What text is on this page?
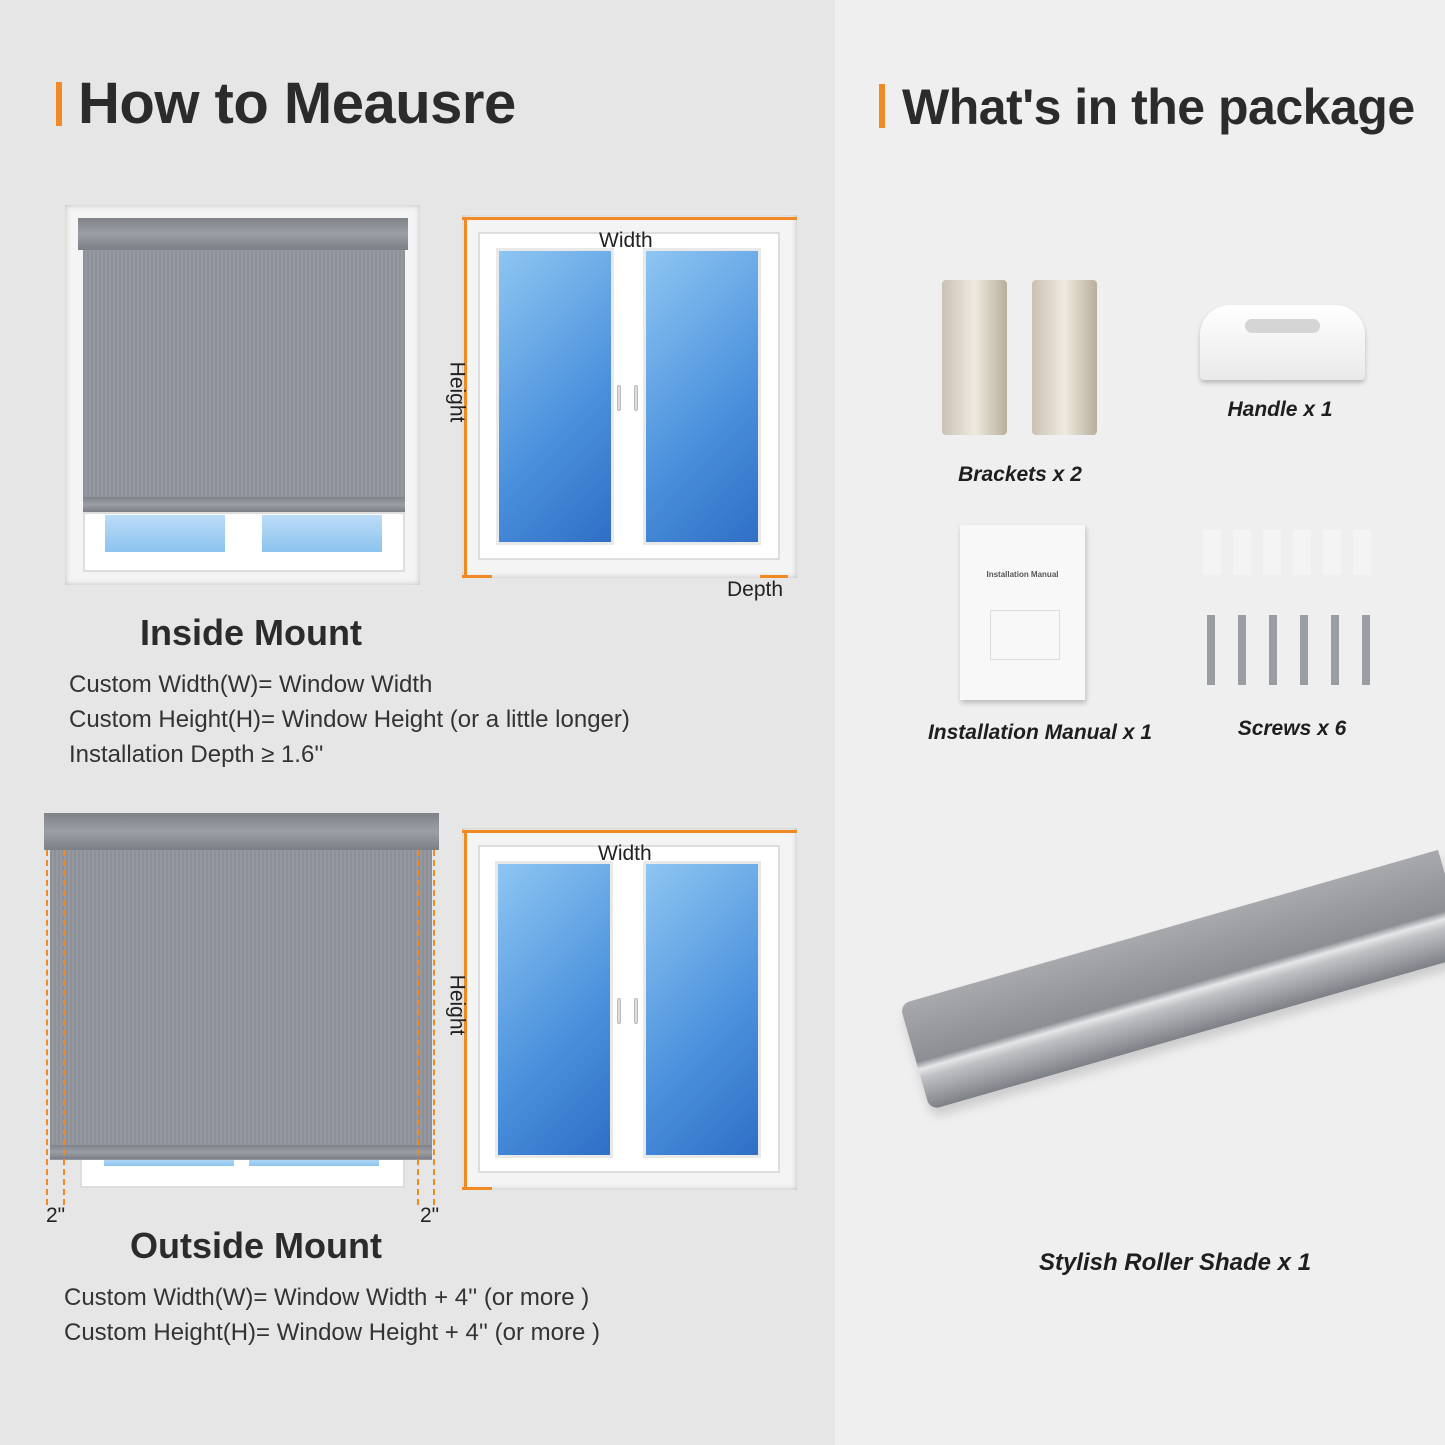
How to Meausre
Width
Height
Depth
Inside Mount
Custom Width(W)= Window Width
Custom Height(H)= Window Height (or a little longer)
Installation Depth ≥ 1.6''
2"	2"
Width
Height
Outside Mount
Custom Width(W)= Window Width + 4'' (or more )
Custom Height(H)= Window Height + 4'' (or more )
What's in the package
Brackets x 2
Handle x 1
Installation Manual
Installation Manual x 1	Screws x 6
Stylish Roller Shade x 1
